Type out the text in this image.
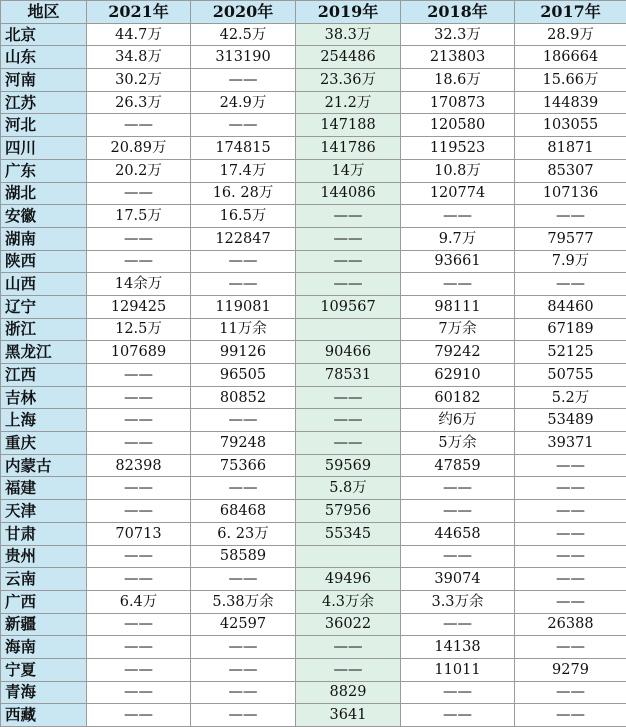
地区	2021年	2020年	2019年	2018年	2017年
北京	44.7万	42.5万	38.3万	32.3万	28.9万
山东	34.8万	313190	254486	213803	186664
河南	30.2万	——	23.36万	18.6万	15.66万
江苏	26.3万	24.9万	21.2万	170873	144839
河北	——	——	147188	120580	103055
四川	20.89万	174815	141786	119523	81871
广东	20.2万	17.4万	14万	10.8万	85307
湖北	——	16. 28万	144086	120774	107136
安徽	17.5万	16.5万	——	——	——
湖南	——	122847	——	9.7万	79577
陕西	——	——	——	93661	7.9万
山西	14余万	——	——	——	——
辽宁	129425	119081	109567	98111	84460
浙江	12.5万	11万余		7万余	67189
黑龙江	107689	99126	90466	79242	52125
江西	——	96505	78531	62910	50755
吉林	——	80852	——	60182	5.2万
上海	——	——	——	约6万	53489
重庆	——	79248	——	5万余	39371
内蒙古	82398	75366	59569	47859	——
福建	——	——	5.8万	——	——
天津	——	68468	57956	——	——
甘肃	70713	6. 23万	55345	44658	——
贵州	——	58589		——	——
云南	——	——	49496	39074	——
广西	6.4万	5.38万余	4.3万余	3.3万余	——
新疆	——	42597	36022	——	26388
海南	——	——	——	14138	——
宁夏	——	——	——	11011	9279
青海	——	——	8829	——	——
西藏	——	——	3641	——	——
